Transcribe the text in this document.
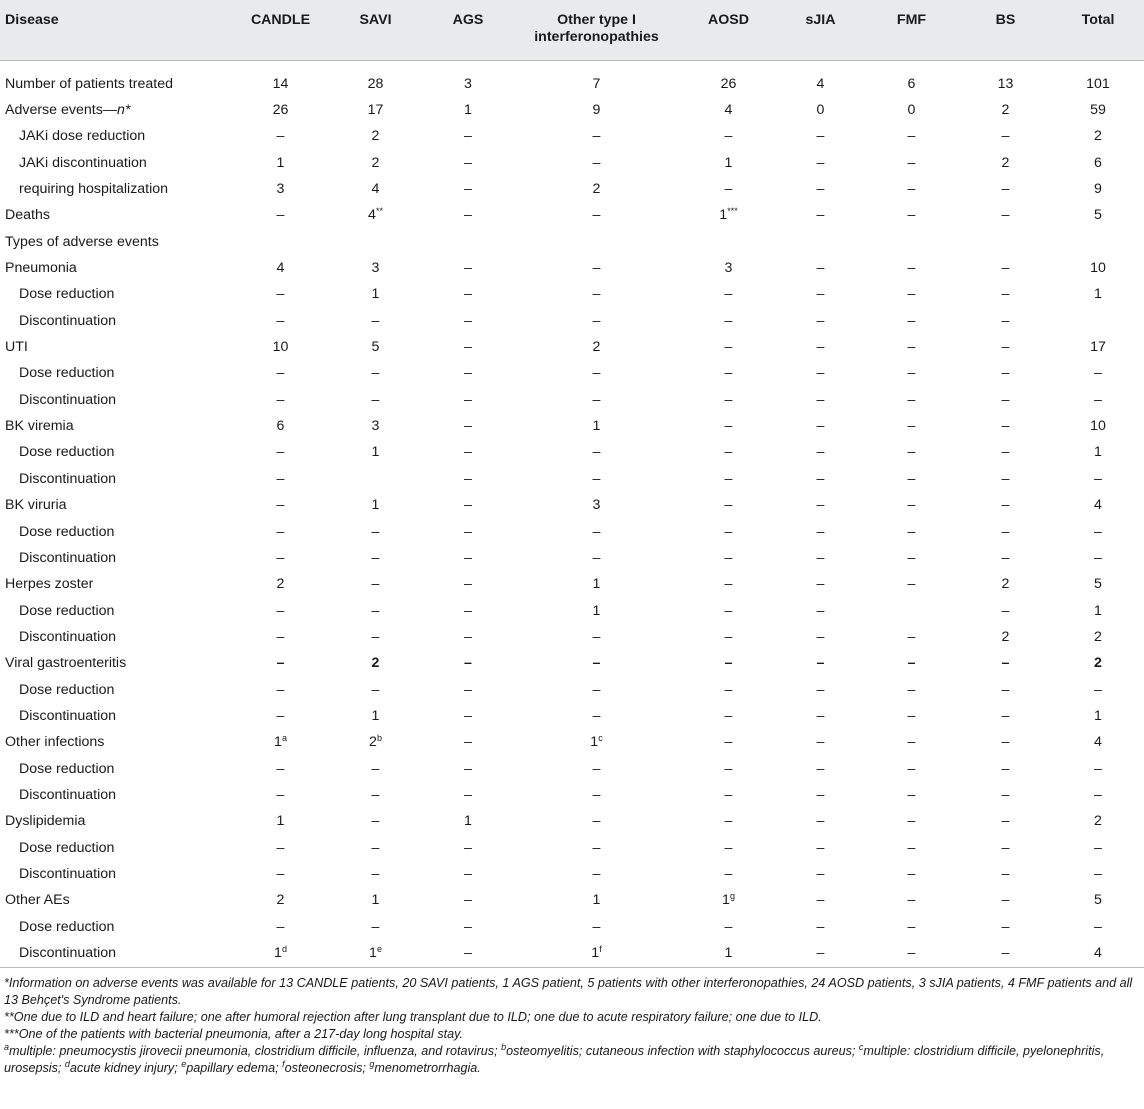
Disease	CANDLE	SAVI	AGS	Other type I interferonopathies	AOSD	sJIA	FMF	BS	Total

Number of patients treated	14	28	3	7	26	4	6	13	101
Adverse events—n*	26	17	1	9	4	0	0	2	59
JAKi dose reduction	–	2	–	–	–	–	–	–	2
JAKi discontinuation	1	2	–	–	1	–	–	2	6
requiring hospitalization	3	4	–	2	–	–	–	–	9
Deaths	–	4**	–	–	1***	–	–	–	5
Types of adverse events									
Pneumonia	4	3	–	–	3	–	–	–	10
Dose reduction	–	1	–	–	–	–	–	–	1
Discontinuation	–	–	–	–	–	–	–	–	
UTI	10	5	–	2	–	–	–	–	17
Dose reduction	–	–	–	–	–	–	–	–	–
Discontinuation	–	–	–	–	–	–	–	–	–
BK viremia	6	3	–	1	–	–	–	–	10
Dose reduction	–	1	–	–	–	–	–	–	1
Discontinuation	–		–	–	–	–	–	–	–
BK viruria	–	1	–	3	–	–	–	–	4
Dose reduction	–	–	–	–	–	–	–	–	–
Discontinuation	–	–	–	–	–	–	–	–	–
Herpes zoster	2	–	–	1	–	–	–	2	5
Dose reduction	–	–	–	1	–	–		–	1
Discontinuation	–	–	–	–	–	–	–	2	2
Viral gastroenteritis	–	2	–	–	–	–	–	–	2
Dose reduction	–	–	–	–	–	–	–	–	–
Discontinuation	–	1	–	–	–	–	–	–	1
Other infections	1$^a$	2$^b$	–	1$^c$	–	–	–	–	4
Dose reduction	–	–	–	–	–	–	–	–	–
Discontinuation	–	–	–	–	–	–	–	–	–
Dyslipidemia	1	–	1	–	–	–	–	–	2
Dose reduction	–	–	–	–	–	–	–	–	–
Discontinuation	–	–	–	–	–	–	–	–	–
Other AEs	2	1	–	1	1$^g$	–	–	–	5
Dose reduction	–	–	–	–	–	–	–	–	–
Discontinuation	1$^d$	1e	–	1$^f$	1	–	–	–	4

*Information on adverse events was available for 13 CANDLE patients, 20 SAVI patients, 1 AGS patient, 5 patients with other interferonopathies, 24 AOSD patients, 3 sJIA patients, 4 FMF patients and all 13 Behçet's Syndrome patients.

**One due to ILD and heart failure; one after humoral rejection after lung transplant due to ILD; one due to acute respiratory failure; one due to ILD.

***One of the patients with bacterial pneumonia, after a 217-day long hospital stay.

$^a$multiple: pneumocystis jirovecii pneumonia, clostridium difficile, influenza, and rotavirus; $^b$osteomyelitis; cutaneous infection with staphylococcus aureus; $^c$multiple: clostridium difficile, pyelonephritis, urosepsis; $^d$acute kidney injury; $^e$papillary edema; $^f$osteonecrosis; $^g$menometrorrhagia.
